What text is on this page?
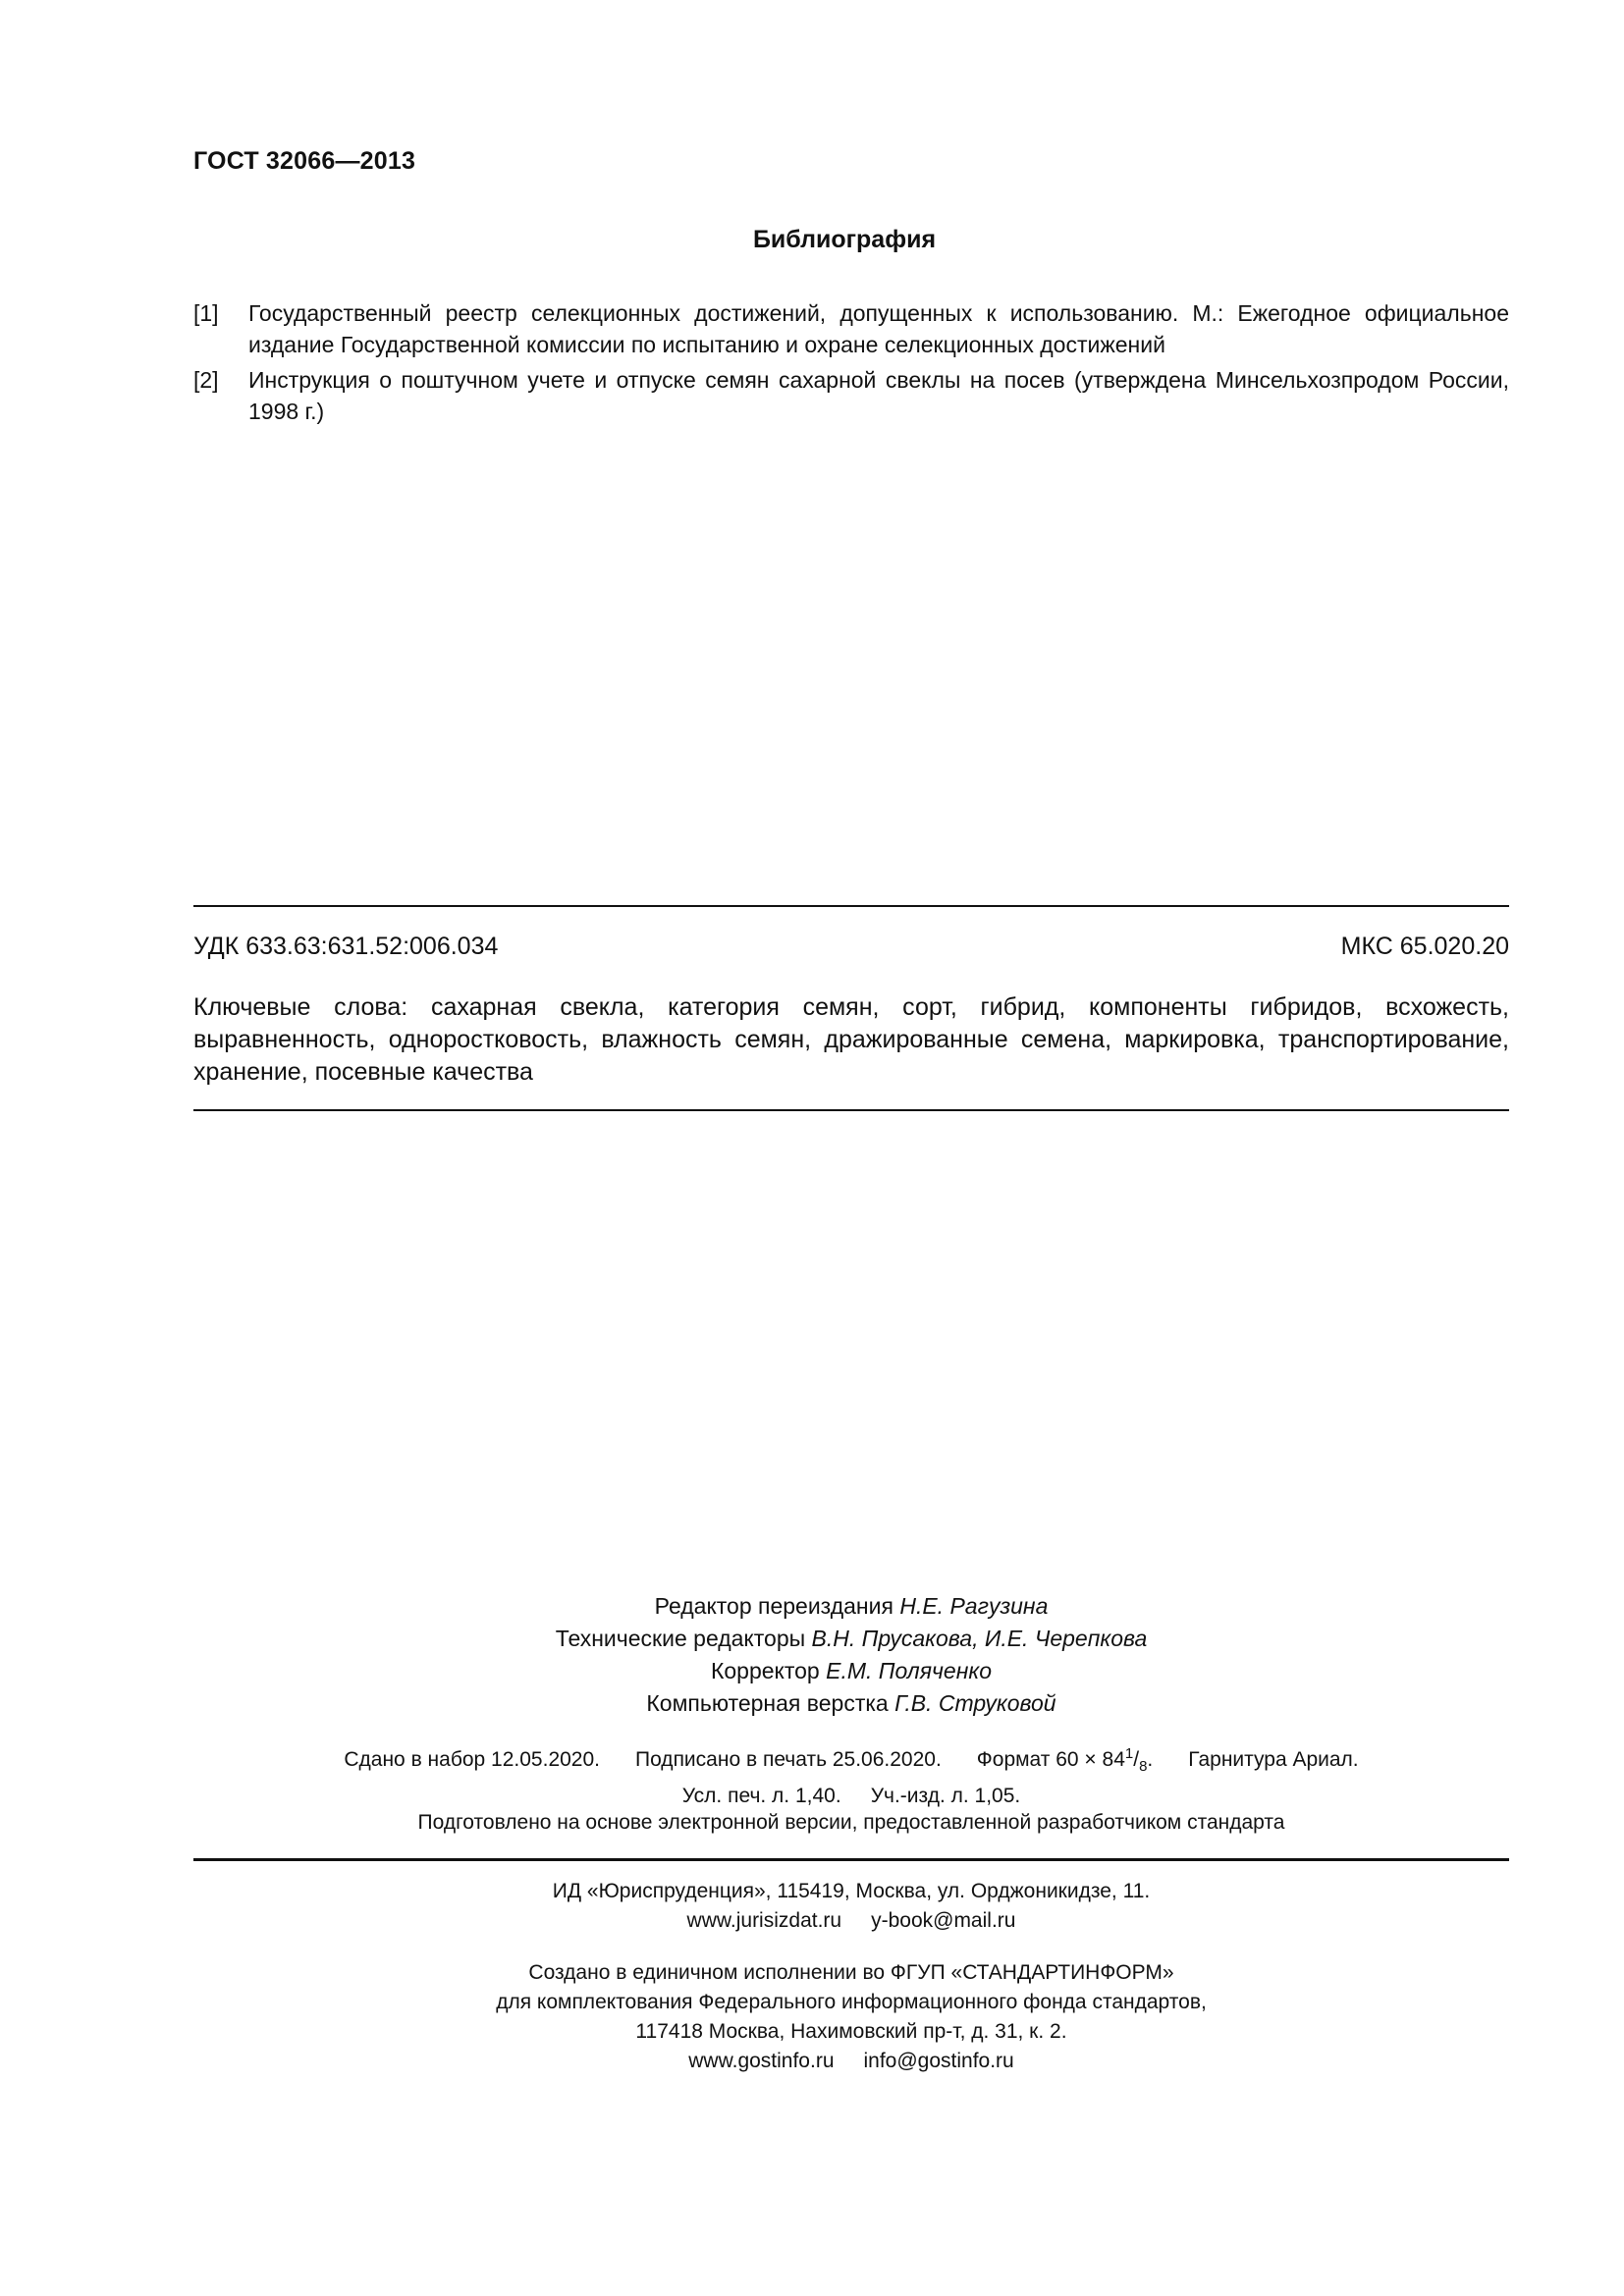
ГОСТ 32066—2013
Библиография
[1]	Государственный реестр селекционных достижений, допущенных к использованию. М.: Ежегодное официальное издание Государственной комиссии по испытанию и охране селекционных достижений
[2]	Инструкция о поштучном учете и отпуске семян сахарной свеклы на посев (утверждена Минсельхозпродом России, 1998 г.)
УДК 633.63:631.52:006.034	МКС 65.020.20
Ключевые слова: сахарная свекла, категория семян, сорт, гибрид, компоненты гибридов, всхожесть, выравненность, одноростковость, влажность семян, дражированные семена, маркировка, транспортирование, хранение, посевные качества
Редактор переиздания Н.Е. Рагузина
Технические редакторы В.Н. Прусакова, И.Е. Черепкова
Корректор Е.М. Поляченко
Компьютерная верстка Г.В. Струковой
Сдано в набор 12.05.2020. Подписано в печать 25.06.2020. Формат $60 \times 84^1/_8$. Гарнитура Ариал.
Усл. печ. л. 1,40. Уч.-изд. л. 1,05.
Подготовлено на основе электронной версии, предоставленной разработчиком стандарта
ИД «Юриспруденция», 115419, Москва, ул. Орджоникидзе, 11.
www.jurisizdat.ru y-book@mail.ru
Создано в единичном исполнении во ФГУП «СТАНДАРТИНФОРМ»
для комплектования Федерального информационного фонда стандартов,
117418 Москва, Нахимовский пр-т, д. 31, к. 2.
www.gostinfo.ru info@gostinfo.ru
